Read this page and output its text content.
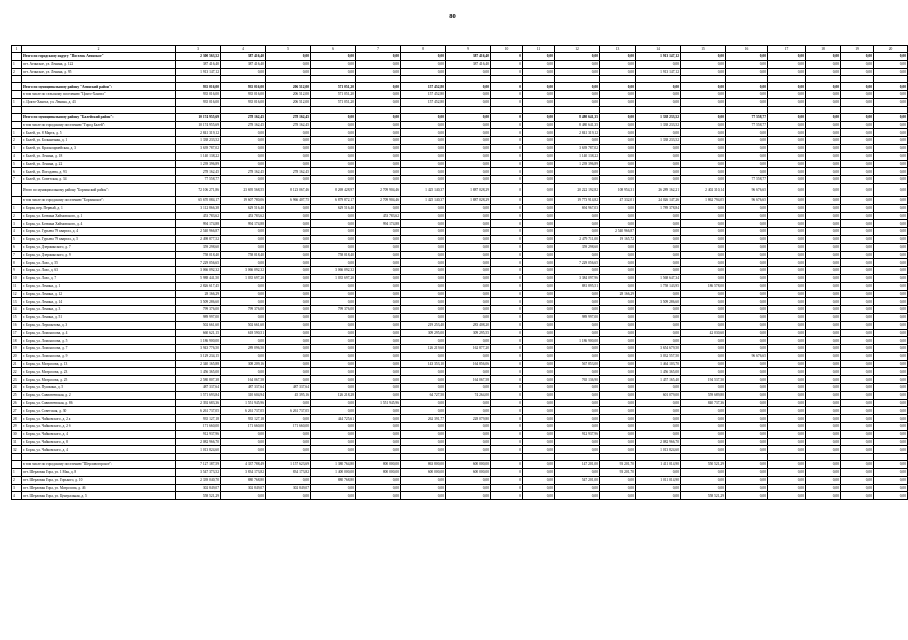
80
1	2	3	4	5	6	7	8	9	10	11	12	13	14	15	16	17	18	19	20
	Итого по городскому округу "Поселок Агинское"	2 300 563,52	387 416,40	0,00	0,00	0,00	0,00	387 416,40	0	0,00	0,00	0,00	1 913 147,12	0,00	0,00	0,00	0,00	0,00	0,00
1	пгт. Агинское, ул. Ленина, д. 122	387 416,40	387 416,40	0,00	0,00	0,00	0,00	387 416,40	0	0,00	0,00	0,00	0,00	0,00	0,00	0,00	0,00	0,00	0,00
2	пгт. Агинское, ул. Ленина, д. 95	1 913 147,12	0,00	0,00	0,00	0,00	0,00	0,00	0	0,00	0,00	0,00	1 913 147,12	0,00	0,00	0,00	0,00	0,00	0,00

	Итого по муниципальному району "Агинский район":	935 016,00	935 016,00	206 512,00	571 051,20	0,00	157 452,80	0,00	0	0,00	0,00	0,00	0,00	0,00	0,00	0,00	0,00	0,00	0,00
	в том числе по сельскому поселению "Цокто-Хангил"	935 016,00	935 016,00	206 512,00	571 051,20	0,00	157 452,80	0,00	0	0,00	0,00	0,00	0,00	0,00	0,00	0,00	0,00	0,00	0,00
1	с. Цокто-Хангил, ул. Ленина, д. 43	935 016,00	935 016,00	206 512,00	571 051,20	0,00	157 452,80	0,00	0	0,00	0,00	0,00	0,00	0,00	0,00	0,00	0,00	0,00	0,00

	Итого по муниципальному району "Балейский район":	10 174 955,69	278 162,45	278 162,45	0,00	0,00	0,00	0,00	0	0,00	8 480 641,35	0,00	1 338 233,52	0,00	77 558,77	0,00	0,00	0,00	0,00
	в том числе по городскому поселению "Город Балей":	10 174 955,69	278 162,45	278 162,45	0,00	0,00	0,00	0,00	0	0,00	8 480 641,35	0,00	1 338 233,52	0,00	77 558,77	0,00	0,00	0,00	0,00
1	г. Балей, ул. 8 Марта, д. 5	2 841 319,12	0,00	0,00	0,00	0,00	0,00	0,00	0	0,00	2 841 319,12	0,00	0,00	0,00	0,00	0,00	0,00	0,00	0,00
2	г. Балей, ул. Больничная, д. 1	1 338 233,52	0,00	0,00	0,00	0,00	0,00	0,00	0	0,00	0,00	0,00	1 338 233,52	0,00	0,00	0,00	0,00	0,00	0,00
3	г. Балей, ул. Красноармейская, д. 3	3 639 787,02	0,00	0,00	0,00	0,00	0,00	0,00	0	0,00	3 639 787,02	0,00	0,00	0,00	0,00	0,00	0,00	0,00	0,00
4	г. Балей, ул. Ленина, д. 18	1 140 138,22	0,00	0,00	0,00	0,00	0,00	0,00	0	0,00	1 140 138,22	0,00	0,00	0,00	0,00	0,00	0,00	0,00	0,00
5	г. Балей, ул. Ленина, д. 22	1 239 396,89	0,00	0,00	0,00	0,00	0,00	0,00	0	0,00	1 239 396,89	0,00	0,00	0,00	0,00	0,00	0,00	0,00	0,00
6	г. Балей, ул. Погодаева, д. 93	278 162,45	278 162,45	278 162,45	0,00	0,00	0,00	0,00	0	0,00	0,00	0,00	0,00	0,00	0,00	0,00	0,00	0,00	0,00
7	г. Балей, ул. Советская, д. 34	77 558,77	0,00	0,00	0,00	0,00	0,00	0,00	0	0,00	0,00	0,00	0,00	0,00	77 558,77	0,00	0,00	0,00	0,00
	Итого по муниципальному району "Борзинский район":	72 106 271,86	23 695 568,55	8 123 067,46	8 269 428,97	2 709 904,46	1 425 140,37	1 887 028,29	0	0,00	20 222 192,82	108 954,31	26 289 162,21	2 402 310,14	96 676,65	0,00	0,00	0,00	0,00
	в том числе по городскому поселению "Борзинское":	65 670 084,17	19 607 780,06	6 966 407,75	6 879 872,17	2 709 904,46	1 425 140,37	1 887 028,29	0	0,00	19 773 914,82	47 332,01	24 026 147,26	1 862 794,05	96 676,65	0,00	0,00	0,00	0,00
1	г. Борзя, пер. Первый, д. 1	3 112 866,38	629 516,40	0,00	629 516,40	0,00	0,00	0,00	0	0,00	694 967,03	0,00	1 789 378,84	0,00	0,00	0,00	0,00	0,00	0,00
2	г. Борзя, ул. Ботвина Хаймовского, д. 1	453 783,62	453 783,62	0,00	0,00	453 783,62	0,00	0,00	0	0,00	0,00	0,00	0,00	0,00	0,00	0,00	0,00	0,00	0,00
3	г. Борзя, ул. Ботвина Хаймовского, д. 4	994 174,88	994 174,88	0,00	0,00	994 174,88	0,00	0,00	0	0,00	0,00	0,00	0,00	0,00	0,00	0,00	0,00	0,00	0,00
4	г. Борзя, ул. Гурьева 79 квартал, д. 4	2 540 966,87	0,00	0,00	0,00	0,00	0,00	0,00	0	0,00	0,00	2 540 966,87	0,00	0,00	0,00	0,00	0,00	0,00	0,00
5	г. Борзя, ул. Гурьева 79 квартал, д. 5	2 498 877,52	0,00	0,00	0,00	0,00	0,00	0,00	0	0,00	2 479 711,00	19 165,72	0,00	0,00	0,00	0,00	0,00	0,00	0,00
6	г. Борзя, ул. Дзержинского, д. 7	359 298,60	0,00	0,00	0,00	0,00	0,00	0,00	0	0,00	359 298,60	0,00	0,00	0,00	0,00	0,00	0,00	0,00	0,00
7	г. Борзя, ул. Дзержинского, д. 9	758 018,40	758 018,40	0,00	758 018,40	0,00	0,00	0,00	0	0,00	0,00	0,00	0,00	0,00	0,00	0,00	0,00	0,00	0,00
8	г. Борзя, ул. Лазо, д. 55	7 229 056,65	0,00	0,00	0,00	0,00	0,00	0,00	0	0,00	7 229 056,65	0,00	0,00	0,00	0,00	0,00	0,00	0,00	0,00
9	г. Борзя, ул. Лазо, д. 63	3 066 092,32	3 066 092,32	0,00	3 066 092,32	0,00	0,00	0,00	0	0,00	0,00	0,00	0,00	0,00	0,00	0,00	0,00	0,00	0,00
10	г. Борзя, ул. Лазо, д. 7	5 988 441,50	1 035 697,20	0,00	1 035 697,20	0,00	0,00	0,00	0	0,00	3 384 097,96	0,00	1 568 647,34	0,00	0,00	0,00	0,00	0,00	0,00
11	г. Борзя, ул. Ленина, д. 1	2 826 617,45	0,00	0,00	0,00	0,00	0,00	0,00	0	0,00	881 895,51	0,00	1 758 143,95	186 578,00	0,00	0,00	0,00	0,00	0,00
12	г. Борзя, ул. Ленина, д. 12	28 166,29	0,00	0,00	0,00	0,00	0,00	0,00	0	0,00	0,00	28 166,29	0,00	0,00	0,00	0,00	0,00	0,00	0,00
13	г. Борзя, ул. Ленина, д. 14	3 509 286,60	0,00	0,00	0,00	0,00	0,00	0,00	0	0,00	0,00	0,00	3 509 286,60	0,00	0,00	0,00	0,00	0,00	0,00
14	г. Борзя, ул. Ленина, д. 3	799 376,00	799 376,00	0,00	799 376,00	0,00	0,00	0,00	0	0,00	0,00	0,00	0,00	0,00	0,00	0,00	0,00	0,00	0,00
15	г. Борзя, ул. Ленина, д. 51	989 997,00	0,00	0,00	0,00	0,00	0,00	0,00	0	0,00	989 997,00	0,00	0,00	0,00	0,00	0,00	0,00	0,00	0,00
16	г. Борзя, ул. Лермонтова, д. 3	502 661,60	502 661,60	0,00	0,00	0,00	219 253,40	283 408,20	0	0,00	0,00	0,00	0,00	0,00	0,00	0,00	0,00	0,00	0,00
17	г. Борзя, ул. Ломоносова, д. 4	660 621,15	618 590,51	0,00	0,00	0,00	309 295,00	309 295,55	0	0,00	0,00	0,00	0,00	42 030,60	0,00	0,00	0,00	0,00	0,00
18	г. Борзя, ул. Ломоносова, д. 5	1 186 900,00	0,00	0,00	0,00	0,00	0,00	0,00	0	0,00	1 186 900,00	0,00	0,00	0,00	0,00	0,00	0,00	0,00	0,00
19	г. Борзя, ул. Ломоносова, д. 7	3 943 776,50	289 096,50	0,00	0,00	0,00	126 219,60	162 877,20	0	0,00	0,00	0,00	3 654 679,50	0,00	0,00	0,00	0,00	0,00	0,00
20	г. Борзя, ул. Ломоносова, д. 9	3 129 234,15	0,00	0,00	0,00	0,00	0,00	0,00	0	0,00	0,00	0,00	3 032 557,50	0,00	96 676,65	0,00	0,00	0,00	0,00
21	г. Борзя, ул. Матросова, д. 13	2 340 165,88	308 209,16	0,00	0,00	0,00	143 353,10	164 856,06	0	0,00	567 853,00	0,00	1 464 103,70	0,00	0,00	0,00	0,00	0,00	0,00
22	г. Борзя, ул. Матросова, д. 23	1 456 365,00	0,00	0,00	0,00	0,00	0,00	0,00	0	0,00	0,00	0,00	1 456 365,00	0,00	0,00	0,00	0,00	0,00	0,00
23	г. Борзя, ул. Матросова, д. 25	2 580 807,38	164 067,58	0,00	0,00	0,00	0,00	164 067,58	0	0,00	765 136,90	0,00	1 457 165,40	194 537,50	0,00	0,00	0,00	0,00	0,00
24	г. Борзя, ул. Пушкина, д. 5	487 337,64	487 337,64	487 337,64	0,00	0,00	0,00	0,00	0	0,00	0,00	0,00	0,00	0,00	0,00	0,00	0,00	0,00	0,00
25	г. Борзя, ул. Савватеевская, д. 2	1 571 693,84	310 604,94	45 395,16	126 218,28	0,00	64 727,50	74 264,00	0	0,00	0,00	0,00	601 079,00	559 689,80	0,00	0,00	0,00	0,00	0,00
26	г. Борзя, ул. Савватеевская, д. 86	2 392 683,36	1 551 945,96	0,00	0,00	1 551 945,96	0,00	0,00	0	0,00	0,00	0,00	0,00	840 737,36	0,00	0,00	0,00	0,00	0,00
27	г. Борзя, ул. Советская, д. 30	6 261 737,05	6 261 737,05	6 261 737,05	0,00	0,00	0,00	0,00	0	0,00	0,00	0,00	0,00	0,00	0,00	0,00	0,00	0,00	0,00
28	г. Борзя, ул. Чайковского, д. 2 а	935 127,18	935 127,18	0,00	444 725,61	0,00	262 391,77	228 079,80	0	0,00	0,00	0,00	0,00	0,00	0,00	0,00	0,00	0,00	0,00
29	г. Борзя, ул. Чайковского, д. 2 б	171 660,00	171 660,00	171 660,00	0,00	0,00	0,00	0,00	0	0,00	0,00	0,00	0,00	0,00	0,00	0,00	0,00	0,00	0,00
30	г. Борзя, ул. Чайковского, д. 4	912 937,96	0,00	0,00	0,00	0,00	0,00	0,00	0	0,00	912 937,96	0,00	0,00	0,00	0,00	0,00	0,00	0,00	0,00
31	г. Борзя, ул. Чайковского, д. 8	2 082 966,70	0,00	0,00	0,00	0,00	0,00	0,00	0	0,00	0,00	0,00	2 082 966,70	0,00	0,00	0,00	0,00	0,00	0,00
32	г. Борзя, ул. Чайковского, д. 4	1 013 824,60	0,00	0,00	0,00	0,00	0,00	0,00	0	0,00	0,00	0,00	1 013 824,60	0,00	0,00	0,00	0,00	0,00	0,00

	в том числе по городскому поселению "Шерловогорское":	7 127 187,59	4 337 788,49	1 157 623,69	1 380 764,80	800 000,00	863 800,00	600 000,00	0	0,00	147 201,00	93 201,70	1 411 014,90	550 521,29	0,00	0,00	0,00	0,00	0,00
1	пгт. Шерловая Гора, ул. 1 Мая, д. 8	3 547 373,52	3 834 173,82	834 173,82	1 400 000,00	800 000,00	600 000,00	600 000,00	0	0,00	0,00	93 201,70	0,00	0,00	0,00	0,00	0,00	0,00	0,00
2	пгт. Шерловая Гора, ул. Горького, д. 10	2 339 040,70	880 768,80	0,00	880 768,80	0,00	0,00	0,00	0	0,00	547 201,00	0,00	1 011 014,90	0,00	0,00	0,00	0,00	0,00	0,00
3	пгт. Шерловая Гора, ул. Матросова, д. 46	302 849,07	302 849,07	302 849,07	0,00	0,00	0,00	0,00	0	0,00	0,00	0,00	0,00	0,00	0,00	0,00	0,00	0,00	0,00
4	пгт. Шерловая Гора, ул. Центральная, д. 5	558 521,29	0,00	0,00	0,00	0,00	0,00	0,00	0	0,00	0,00	0,00	0,00	558 521,29	0,00	0,00	0,00	0,00	0,00
